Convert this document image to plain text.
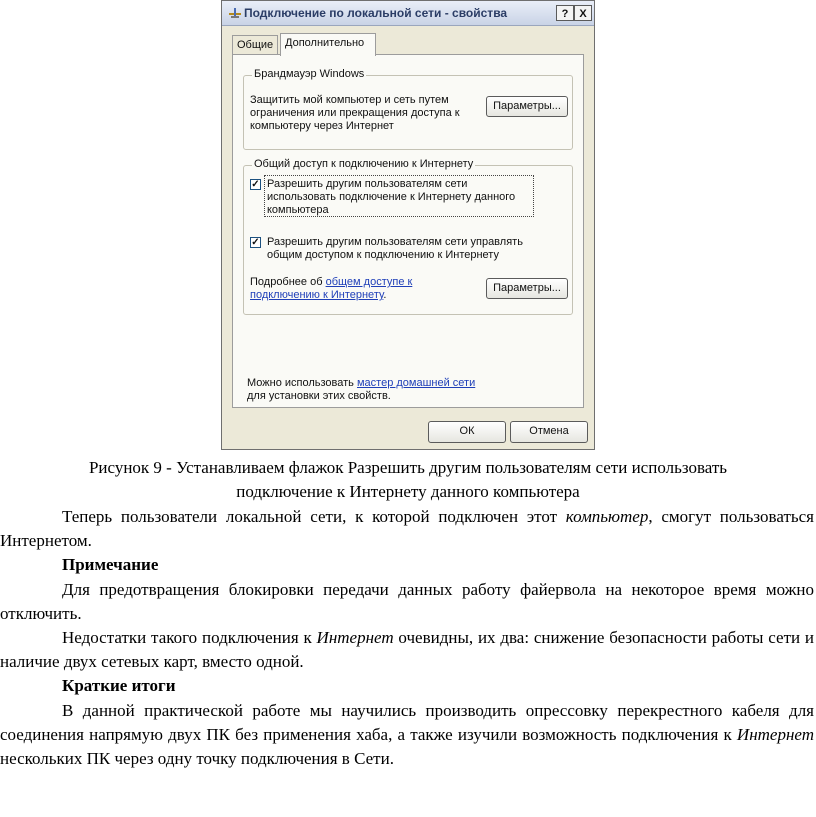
Подключение по локальной сети - свойства	? X
Общие	Дополнительно
Брандмауэр Windows
Защитить мой компьютер и сеть путем
ограничения или прекращения доступа к
компьютеру через Интернет
Параметры...
Общий доступ к подключению к Интернету
✓ Разрешить другим пользователям сети
использовать подключение к Интернету данного
компьютера
✓ Разрешить другим пользователям сети управлять
общим доступом к подключению к Интернету
Подробнее об общем доступе к
подключению к Интернету.
Параметры...
Можно использовать мастер домашней сети
для установки этих свойств.
ОК	Отмена
Рисунок 9 - Устанавливаем флажок Разрешить другим пользователям сети использовать
подключение к Интернету данного компьютера
Теперь пользователи локальной сети, к которой подключен этот компьютер, смогут пользоваться Интернетом.
Примечание
Для предотвращения блокировки передачи данных работу файервола на некоторое время можно отключить.
Недостатки такого подключения к Интернет очевидны, их два: снижение безопасности работы сети и наличие двух сетевых карт, вместо одной.
Краткие итоги
В данной практической работе мы научились производить опрессовку перекрестного кабеля для соединения напрямую двух ПК без применения хаба, а также изучили возможность подключения к Интернет нескольких ПК через одну точку подключения в Сети.
